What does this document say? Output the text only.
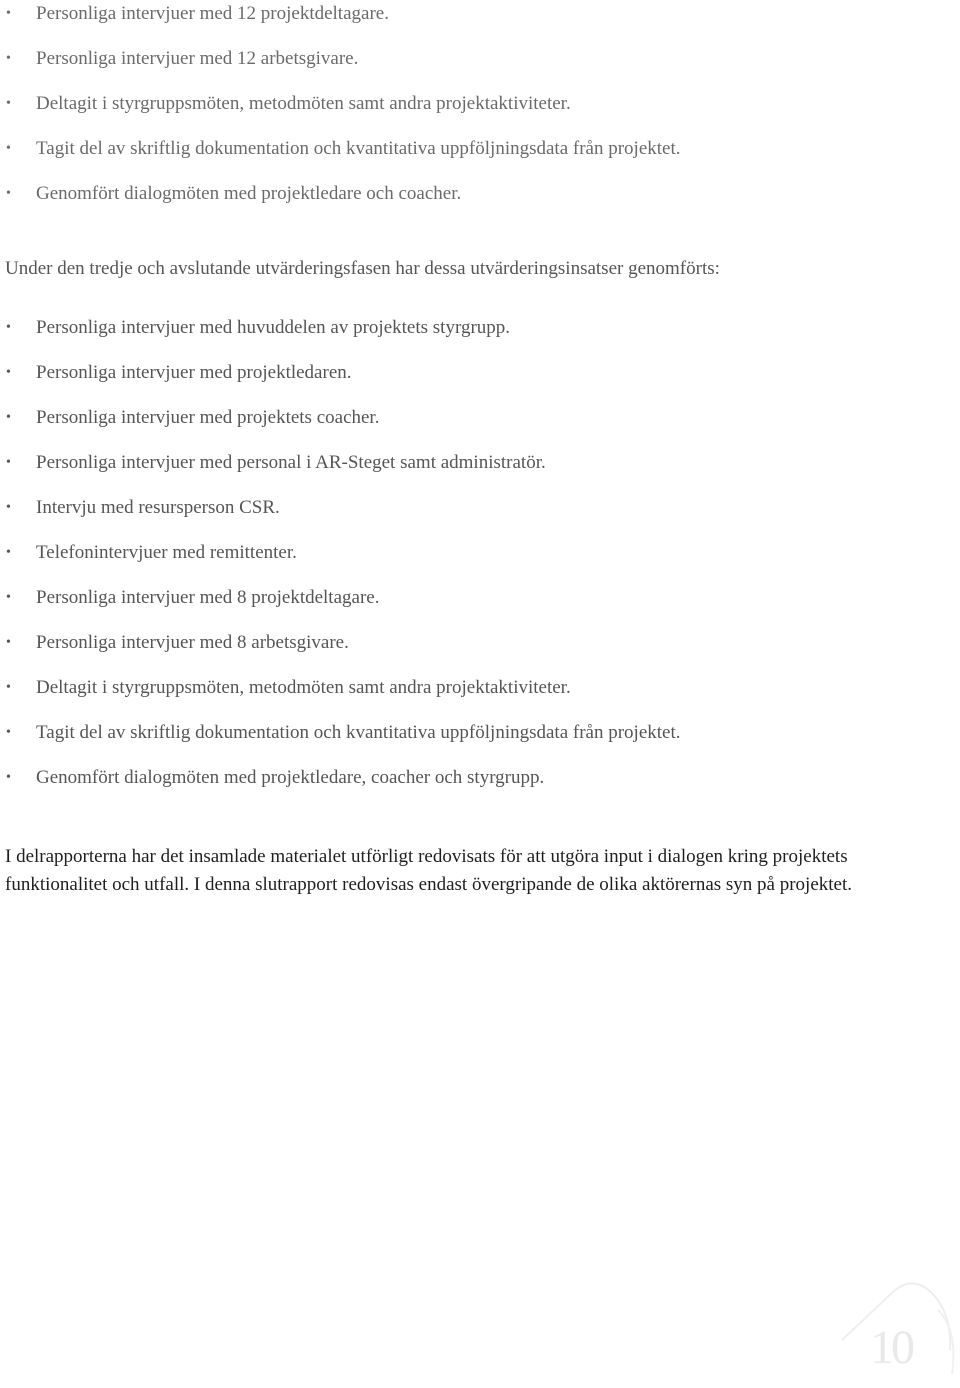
• Personliga intervjuer med 12 projektdeltagare.
• Personliga intervjuer med 12 arbetsgivare.
• Deltagit i styrgruppsmöten, metodmöten samt andra projektaktiviteter.
• Tagit del av skriftlig dokumentation och kvantitativa uppföljningsdata från projektet.
• Genomfört dialogmöten med projektledare och coacher.

Under den tredje och avslutande utvärderingsfasen har dessa utvärderingsinsatser genomförts:

• Personliga intervjuer med huvuddelen av projektets styrgrupp.
• Personliga intervjuer med projektledaren.
• Personliga intervjuer med projektets coacher.
• Personliga intervjuer med personal i AR-Steget samt administratör.
• Intervju med resursperson CSR.
• Telefonintervjuer med remittenter.
• Personliga intervjuer med 8 projektdeltagare.
• Personliga intervjuer med 8 arbetsgivare.
• Deltagit i styrgruppsmöten, metodmöten samt andra projektaktiviteter.
• Tagit del av skriftlig dokumentation och kvantitativa uppföljningsdata från projektet.
• Genomfört dialogmöten med projektledare, coacher och styrgrupp.

I delrapporterna har det insamlade materialet utförligt redovisats för att utgöra input i dialogen kring projektets funktionalitet och utfall. I denna slutrapport redovisas endast övergripande de olika aktörernas syn på projektet.

10
